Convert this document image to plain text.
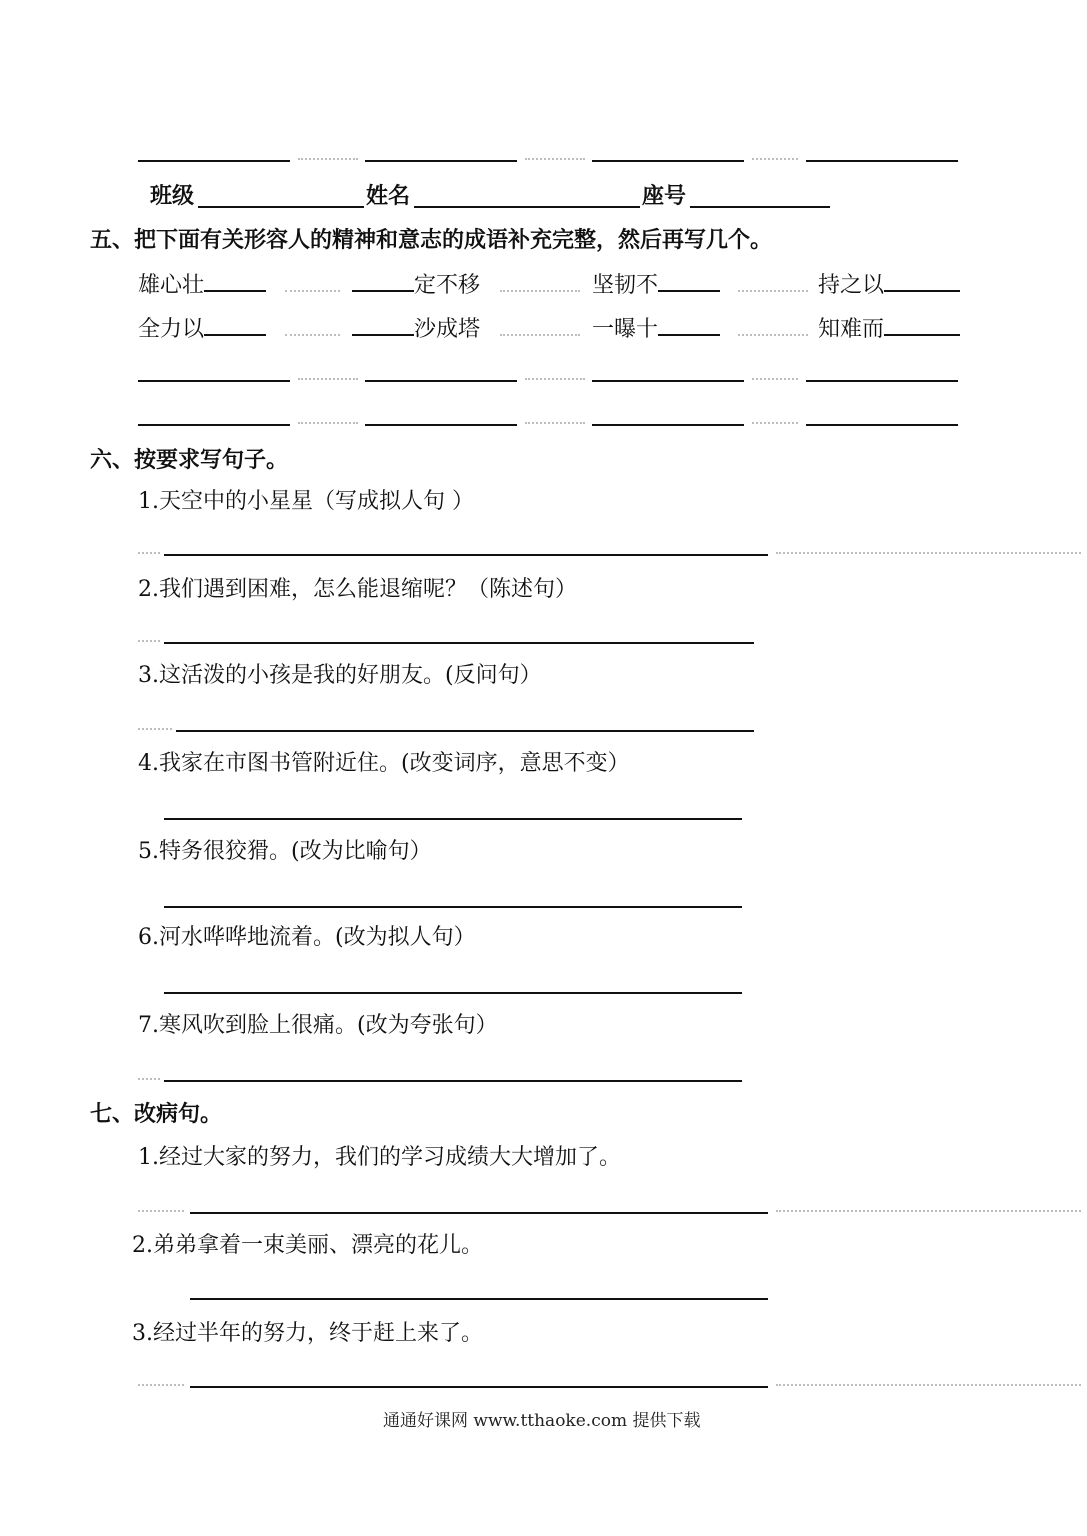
班级	姓名	座号
五、把下面有关形容人的精神和意志的成语补充完整，然后再写几个。
雄心壮	定不移	坚韧不	持之以
全力以	沙成塔	一曝十	知难而
六、按要求写句子。
1.天空中的小星星（写成拟人句 ）
2.我们遇到困难，怎么能退缩呢？（陈述句）
3.这活泼的小孩是我的好朋友。(反问句）
4.我家在市图书管附近住。(改变词序，意思不变）
5.特务很狡猾。(改为比喻句）
6.河水哗哗地流着。(改为拟人句）
7.寒风吹到脸上很痛。(改为夸张句）
七、改病句。
1.经过大家的努力，我们的学习成绩大大增加了。
2.弟弟拿着一束美丽、漂亮的花儿。
3.经过半年的努力，终于赶上来了。
通通好课网 www.tthaoke.com 提供下载
